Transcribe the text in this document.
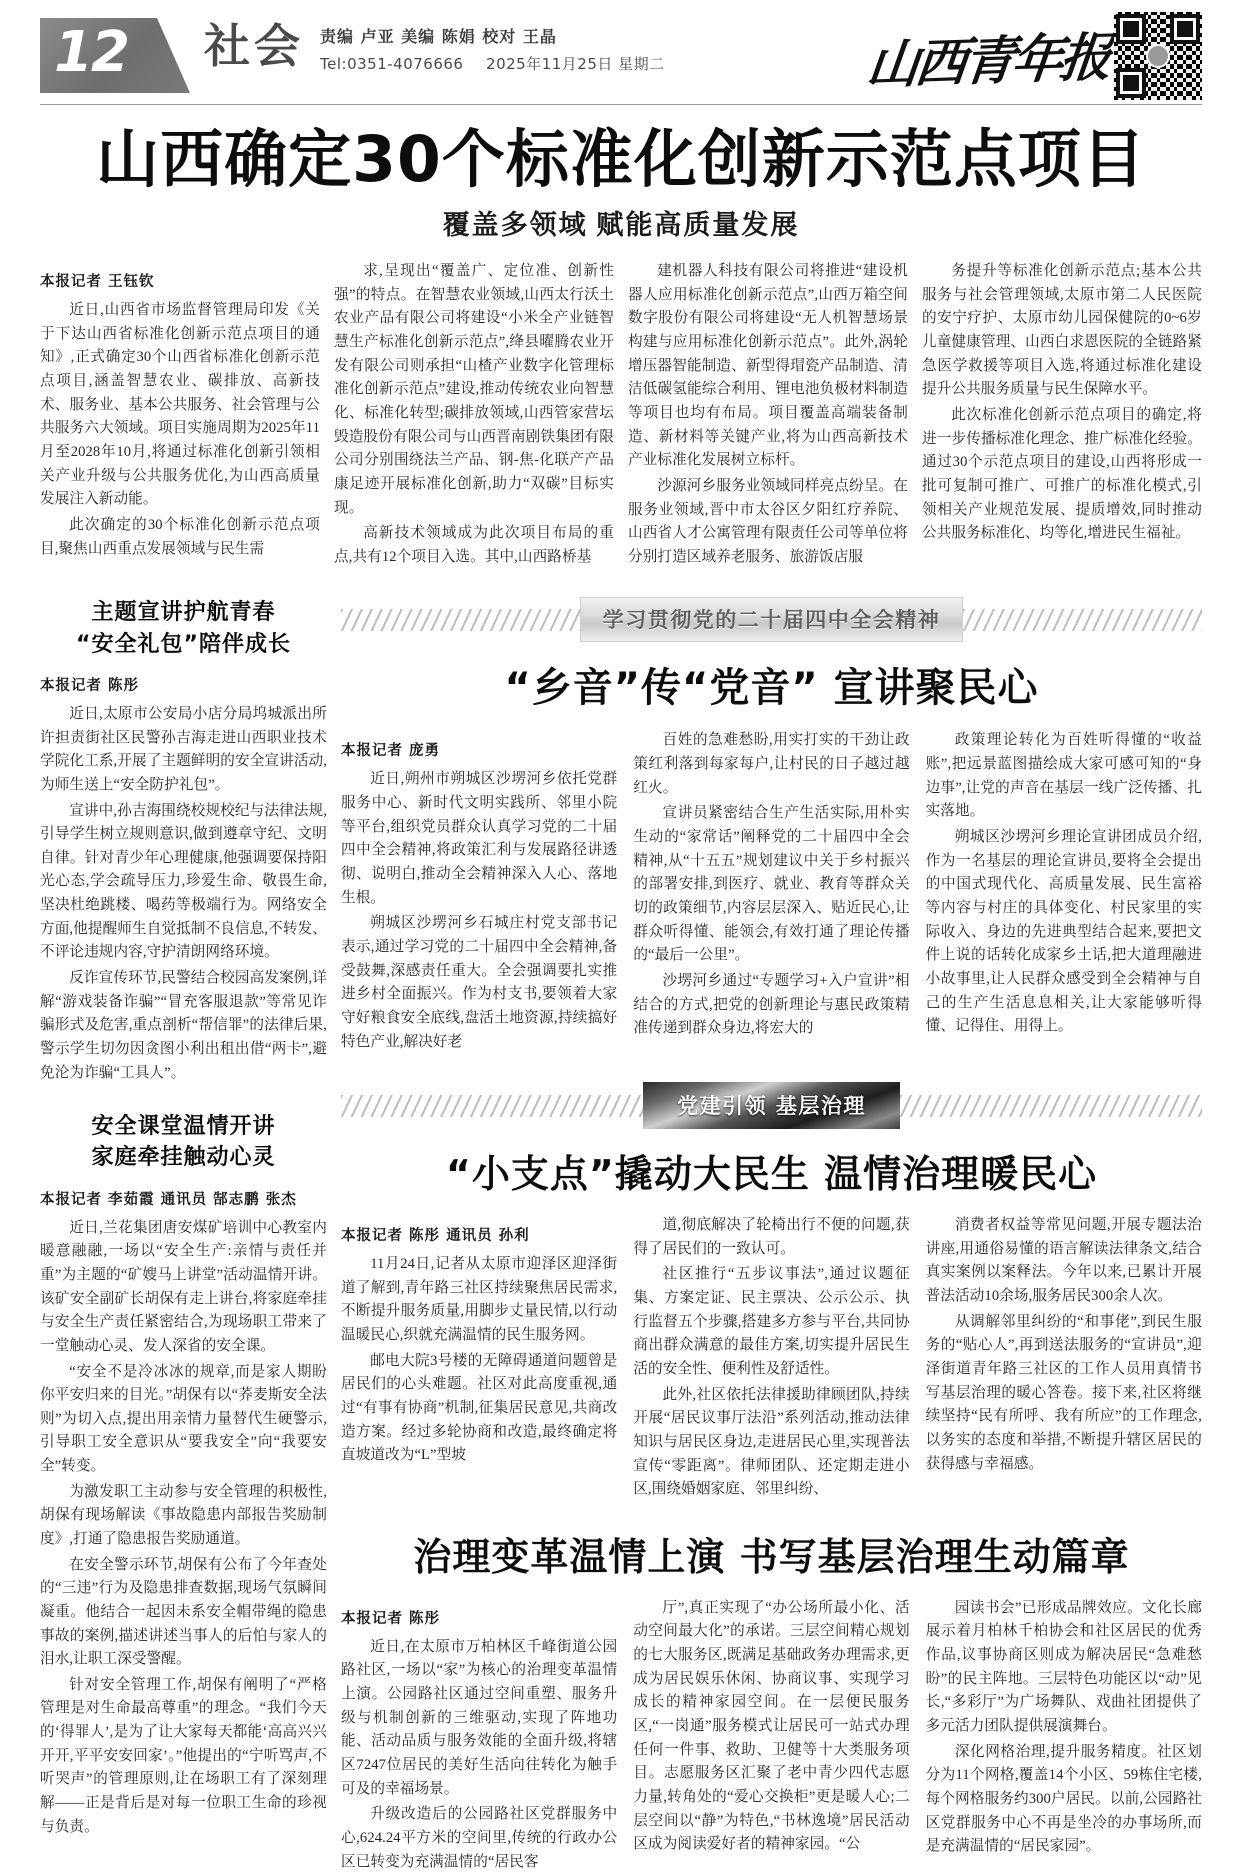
12 社会 责编 卢亚 美编 陈娟 校对 王晶
Tel:0351-4076666 2025年11月25日 星期二	山西青年报
山西确定30个标准化创新示范点项目
覆盖多领域 赋能高质量发展
本报记者 王钰钦

近日,山西省市场监督管理局印发《关于下达山西省标准化创新示范点项目的通知》,正式确定30个山西省标准化创新示范点项目,涵盖智慧农业、碳排放、高新技术、服务业、基本公共服务、社会管理与公共服务六大领域。项目实施周期为2025年11月至2028年10月,将通过标准化创新引领相关产业升级与公共服务优化,为山西高质量发展注入新动能。

此次确定的30个标准化创新示范点项目,聚焦山西重点发展领域与民生需

求,呈现出“覆盖广、定位准、创新性强”的特点。在智慧农业领域,山西太行沃土农业产品有限公司将建设“小米全产业链智慧生产标准化创新示范点”,绛县曜腾农业开发有限公司则承担“山楂产业数字化管理标准化创新示范点”建设,推动传统农业向智慧化、标准化转型;碳排放领域,山西管家营坛毁造股份有限公司与山西晋南剧铁集团有限公司分别围绕法兰产品、钢-焦-化联产产品康足迹开展标准化创新,助力“双碳”目标实现。

高新技术领域成为此次项目布局的重点,共有12个项目入选。其中,山西路桥基

建机器人科技有限公司将推进“建设机器人应用标准化创新示范点”,山西万箱空间数字股份有限公司将建设“无人机智慧场景构建与应用标准化创新示范点”。此外,涡轮增压器智能制造、新型得瑁瓷产品制造、清洁低碳氢能综合利用、锂电池负极材料制造等项目也均有布局。项目覆盖高端装备制造、新材料等关键产业,将为山西高新技术产业标准化发展树立标杆。

沙源河乡服务业领域同样亮点纷呈。在服务业领域,晋中市太谷区夕阳红疗养院、山西省人才公寓管理有限责任公司等单位将分别打造区域养老服务、旅游饭店服

务提升等标准化创新示范点;基本公共服务与社会管理领域,太原市第二人民医院的安宁疗护、太原市幼儿园保健院的0~6岁儿童健康管理、山西白求恩医院的全链路紧急医学救援等项目入选,将通过标准化建设提升公共服务质量与民生保障水平。

此次标准化创新示范点项目的确定,将进一步传播标准化理念、推广标准化经验。通过30个示范点项目的建设,山西将形成一批可复制可推广、可推广的标准化模式,引领相关产业规范发展、提质增效,同时推动公共服务标准化、均等化,增进民生福祉。

主题宣讲护航青春
“安全礼包”陪伴成长
本报记者 陈彤

近日,太原市公安局小店分局坞城派出所许担责街社区民警孙吉海走进山西职业技术学院化工系,开展了主题鲜明的安全宣讲活动,为师生送上“安全防护礼包”。

宣讲中,孙吉海围绕校规校纪与法律法规,引导学生树立规则意识,做到遵章守纪、文明自律。针对青少年心理健康,他强调要保持阳光心态,学会疏导压力,珍爱生命、敬畏生命,坚决杜绝跳楼、喝药等极端行为。网络安全方面,他提醒师生自觉抵制不良信息,不转发、不评论违规内容,守护清朗网络环境。

反诈宣传环节,民警结合校园高发案例,详解“游戏装备诈骗”“冒充客服退款”等常见诈骗形式及危害,重点剖析“帮信罪”的法律后果,警示学生切勿因贪图小利出租出借“两卡”,避免沦为诈骗“工具人”。

安全课堂温情开讲
家庭牵挂触动心灵
本报记者 李茹霞 通讯员 郜志鹏 张杰

近日,兰花集团唐安煤矿培训中心教室内暖意融融,一场以“安全生产:亲情与责任并重”为主题的“矿嫂马上讲堂”活动温情开讲。该矿安全副矿长胡保有走上讲台,将家庭牵挂与安全生产责任紧密结合,为现场职工带来了一堂触动心灵、发人深省的安全课。

“安全不是冷冰冰的规章,而是家人期盼你平安归来的目光。”胡保有以“荞麦斯安全法则”为切入点,提出用亲情力量替代生硬警示,引导职工安全意识从“要我安全”向“我要安全”转变。

为激发职工主动参与安全管理的积极性,胡保有现场解读《事故隐患内部报告奖励制度》,打通了隐患报告奖励通道。

在安全警示环节,胡保有公布了今年查处的“三违”行为及隐患排查数据,现场气氛瞬间凝重。他结合一起因未系安全帽带绳的隐患事故的案例,描述讲述当事人的后怕与家人的泪水,让职工深受警醒。

针对安全管理工作,胡保有阐明了“严格管理是对生命最高尊重”的理念。“我们今天的‘得罪人’,是为了让大家每天都能‘高高兴兴开开,平平安安回家’。”他提出的“宁听骂声,不听哭声”的管理原则,让在场职工有了深刻理解——正是背后是对每一位职工生命的珍视与负责。

学习贯彻党的二十届四中全会精神
“乡音”传“党音” 宣讲聚民心
本报记者 庞勇

近日,朔州市朔城区沙塄河乡依托党群服务中心、新时代文明实践所、邻里小院等平台,组织党员群众认真学习党的二十届四中全会精神,将政策汇利与发展路径讲透彻、说明白,推动全会精神深入人心、落地生根。

朔城区沙塄河乡石城庄村党支部书记表示,通过学习党的二十届四中全会精神,备受鼓舞,深感责任重大。全会强调要扎实推进乡村全面振兴。作为村支书,要领着大家守好粮食安全底线,盘活土地资源,持续搞好特色产业,解决好老

百姓的急难愁盼,用实打实的干劲让政策红利落到每家每户,让村民的日子越过越红火。

宣讲员紧密结合生产生活实际,用朴实生动的“家常话”阐释党的二十届四中全会精神,从“十五五”规划建议中关于乡村振兴的部署安排,到医疗、就业、教育等群众关切的政策细节,内容层层深入、贴近民心,让群众听得懂、能领会,有效打通了理论传播的“最后一公里”。

沙塄河乡通过“专题学习+入户宣讲”相结合的方式,把党的创新理论与惠民政策精准传递到群众身边,将宏大的

政策理论转化为百姓听得懂的“收益账”,把远景蓝图描绘成大家可感可知的“身边事”,让党的声音在基层一线广泛传播、扎实落地。

朔城区沙塄河乡理论宣讲团成员介绍,作为一名基层的理论宣讲员,要将全会提出的中国式现代化、高质量发展、民生富裕等内容与村庄的具体变化、村民家里的实际收入、身边的先进典型结合起来,要把文件上说的话转化成家乡土话,把大道理融进小故事里,让人民群众感受到全会精神与自己的生产生活息息相关,让大家能够听得懂、记得住、用得上。

党建引领 基层治理
“小支点”撬动大民生 温情治理暖民心
本报记者 陈彤 通讯员 孙利

11月24日,记者从太原市迎泽区迎泽街道了解到,青年路三社区持续聚焦居民需求,不断提升服务质量,用脚步丈量民情,以行动温暖民心,织就充满温情的民生服务网。

邮电大院3号楼的无障碍通道问题曾是居民们的心头难题。社区对此高度重视,通过“有事有协商”机制,征集居民意见,共商改造方案。经过多轮协商和改造,最终确定将直坡道改为“L”型坡

道,彻底解决了轮椅出行不便的问题,获得了居民们的一致认可。

社区推行“五步议事法”,通过议题征集、方案定证、民主票决、公示公示、执行监督五个步骤,搭建多方参与平台,共同协商出群众满意的最佳方案,切实提升居民生活的安全性、便利性及舒适性。

此外,社区依托法律援助律顾团队,持续开展“居民议事厅法沿”系列活动,推动法律知识与居民区身边,走进居民心里,实现普法宣传“零距离”。律师团队、还定期走进小区,围绕婚姻家庭、邻里纠纷、

消费者权益等常见问题,开展专题法治讲座,用通俗易懂的语言解读法律条文,结合真实案例以案释法。今年以来,已累计开展普法活动10余场,服务居民300余人次。

从调解邻里纠纷的“和事佬”,到民生服务的“贴心人”,再到送法服务的“宣讲员”,迎泽街道青年路三社区的工作人员用真情书写基层治理的暖心答卷。接下来,社区将继续坚持“民有所呼、我有所应”的工作理念,以务实的态度和举措,不断提升辖区居民的获得感与幸福感。

治理变革温情上演 书写基层治理生动篇章
本报记者 陈彤

近日,在太原市万柏林区千峰街道公园路社区,一场以“家”为核心的治理变革温情上演。公园路社区通过空间重塑、服务升级与机制创新的三维驱动,实现了阵地功能、活动品质与服务效能的全面升级,将辖区7247位居民的美好生活向往转化为触手可及的幸福场景。

升级改造后的公园路社区党群服务中心,624.24平方米的空间里,传统的行政办公区已转变为充满温情的“居民客

厅”,真正实现了“办公场所最小化、活动空间最大化”的承诺。三层空间精心规划的七大服务区,既满足基础政务办理需求,更成为居民娱乐休闲、协商议事、实现学习成长的精神家园空间。在一层便民服务区,“一岗通”服务模式让居民可一站式办理任何一件事、救助、卫健等十大类服务项目。志愿服务区汇聚了老中青少四代志愿力量,转角处的“爱心交换柜”更是暖人心;二层空间以“静”为特色,“书林逸境”居民活动区成为阅读爱好者的精神家园。“公

园读书会”已形成品牌效应。文化长廊展示着月柏林千柏协会和社区居民的优秀作品,议事协商区则成为解决居民“急难愁盼”的民主阵地。三层特色功能区以“动”见长,“多彩厅”为广场舞队、戏曲社团提供了多元活力团队提供展演舞台。

深化网格治理,提升服务精度。社区划分为11个网格,覆盖14个小区、59栋住宅楼,每个网格服务约300户居民。以前,公园路社区党群服务中心不再是坐冷的办事场所,而是充满温情的“居民家园”。
